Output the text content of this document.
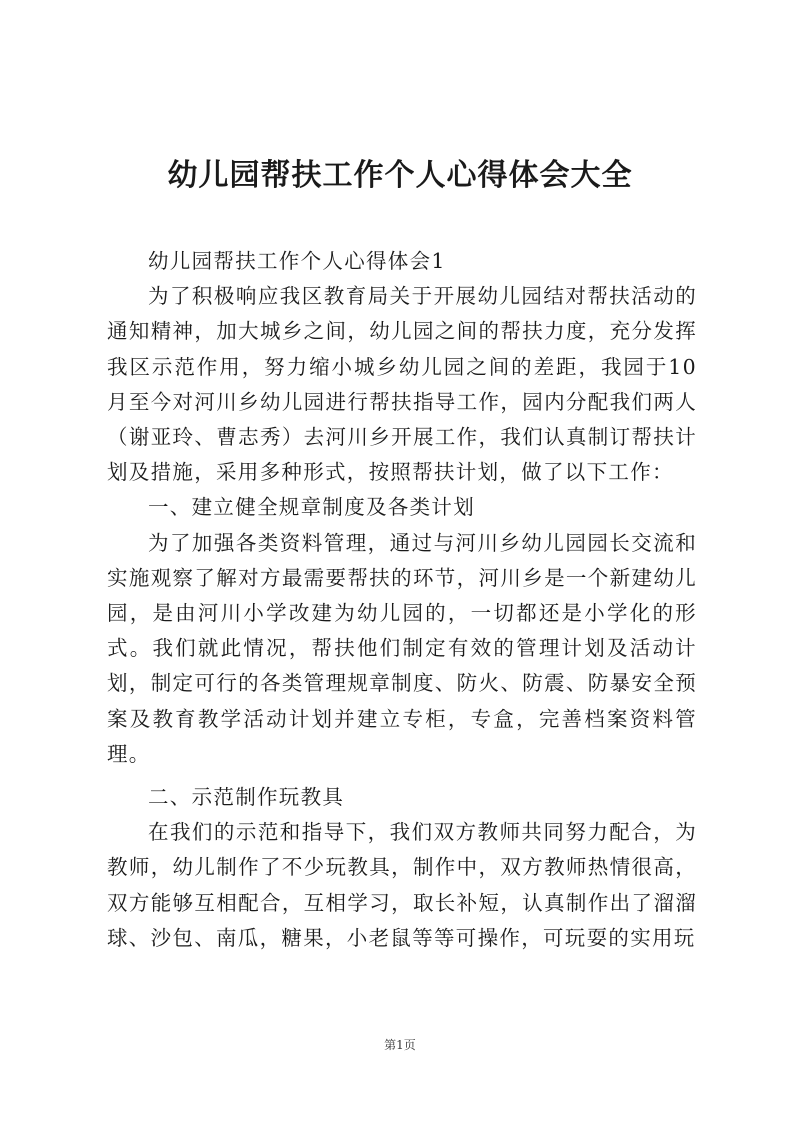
幼儿园帮扶工作个人心得体会大全

幼儿园帮扶工作个人心得体会1

为了积极响应我区教育局关于开展幼儿园结对帮扶活动的通知精神，加大城乡之间，幼儿园之间的帮扶力度，充分发挥我区示范作用，努力缩小城乡幼儿园之间的差距，我园于10月至今对河川乡幼儿园进行帮扶指导工作，园内分配我们两人（谢亚玲、曹志秀）去河川乡开展工作，我们认真制订帮扶计划及措施，采用多种形式，按照帮扶计划，做了以下工作：

一、建立健全规章制度及各类计划

为了加强各类资料管理，通过与河川乡幼儿园园长交流和实施观察了解对方最需要帮扶的环节，河川乡是一个新建幼儿园，是由河川小学改建为幼儿园的，一切都还是小学化的形式。我们就此情况，帮扶他们制定有效的管理计划及活动计划，制定可行的各类管理规章制度、防火、防震、防暴安全预案及教育教学活动计划并建立专柜，专盒，完善档案资料管理。

二、示范制作玩教具

在我们的示范和指导下，我们双方教师共同努力配合，为教师，幼儿制作了不少玩教具，制作中，双方教师热情很高，双方能够互相配合，互相学习，取长补短，认真制作出了溜溜球、沙包、南瓜，糖果，小老鼠等等可操作，可玩耍的实用玩

第1页
